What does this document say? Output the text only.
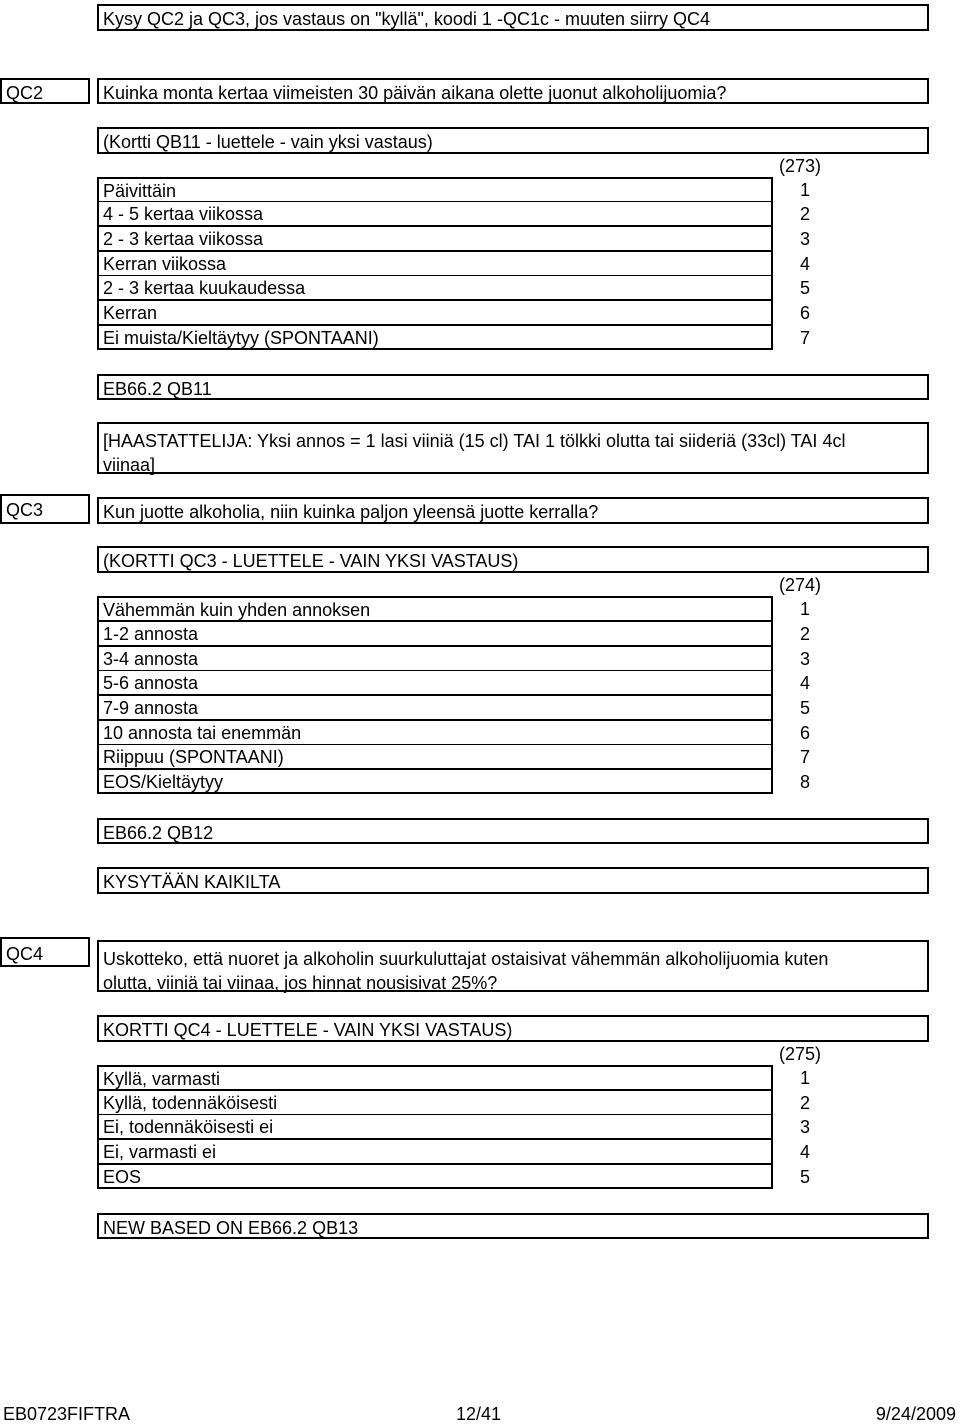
Kysy QC2 ja QC3, jos vastaus on "kyllä", koodi 1 -QC1c - muuten siirry QC4
QC2	Kuinka monta kertaa viimeisten 30 päivän aikana olette juonut alkoholijuomia?
(Kortti QB11 - luettele - vain yksi vastaus)
(273)
Päivittäin	1
4 - 5 kertaa viikossa	2
2 - 3 kertaa viikossa	3
Kerran viikossa	4
2 - 3 kertaa kuukaudessa	5
Kerran	6
Ei muista/Kieltäytyy (SPONTAANI)	7
EB66.2 QB11
[HAASTATTELIJA: Yksi annos = 1 lasi viiniä (15 cl) TAI 1 tölkki olutta tai siideriä (33cl) TAI 4cl
viinaa]
QC3	Kun juotte alkoholia, niin kuinka paljon yleensä juotte kerralla?
(KORTTI QC3 - LUETTELE - VAIN YKSI VASTAUS)
(274)
Vähemmän kuin yhden annoksen	1
1-2 annosta	2
3-4 annosta	3
5-6 annosta	4
7-9 annosta	5
10 annosta tai enemmän	6
Riippuu (SPONTAANI)	7
EOS/Kieltäytyy	8
EB66.2 QB12
KYSYTÄÄN KAIKILTA
QC4	Uskotteko, että nuoret ja alkoholin suurkuluttajat ostaisivat vähemmän alkoholijuomia kuten
olutta, viiniä tai viinaa, jos hinnat nousisivat 25%?
KORTTI QC4 - LUETTELE - VAIN YKSI VASTAUS)
(275)
Kyllä, varmasti	1
Kyllä, todennäköisesti	2
Ei, todennäköisesti ei	3
Ei, varmasti ei	4
EOS	5
NEW BASED ON EB66.2 QB13
EB0723FIFTRA	12/41	9/24/2009
